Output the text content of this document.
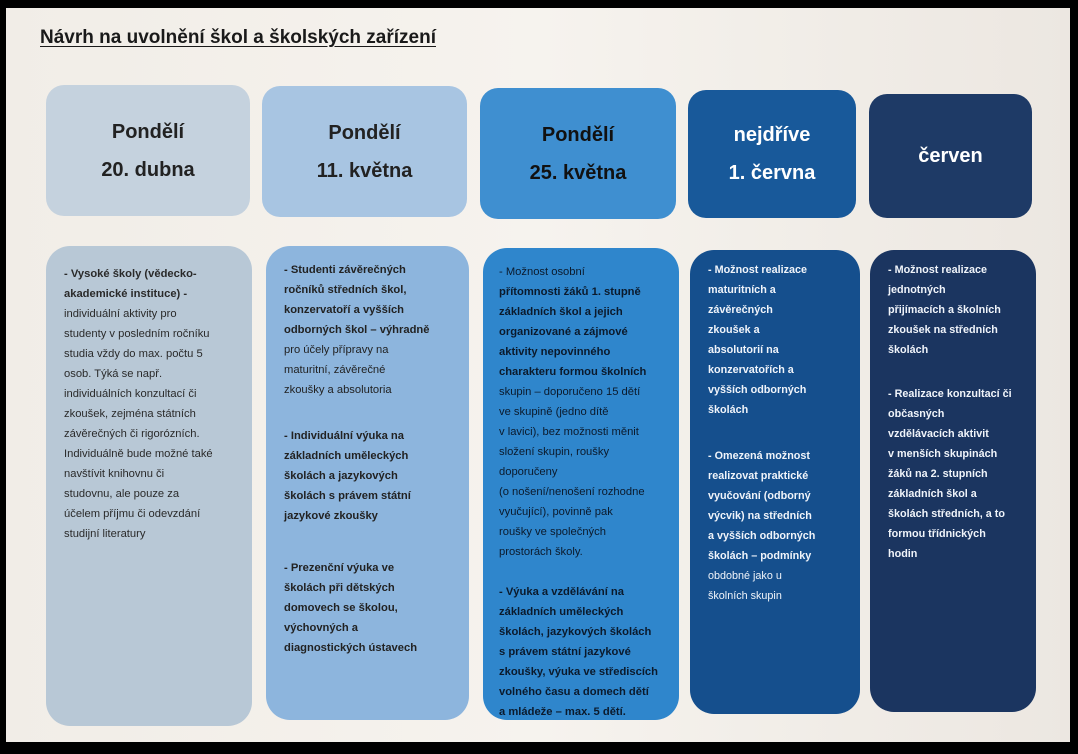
Návrh na uvolnění škol a školských zařízení
Pondělí
20. dubna
Pondělí
11. května
Pondělí
25. května
nejdříve
1. června
červen

- Vysoké školy (vědecko-

akademické instituce) -

individuální aktivity pro

studenty v posledním ročníku

studia vždy do max. počtu 5

osob. Týká se např.

individuálních konzultací či

zkoušek, zejména státních

závěrečných či rigorózních.

Individuálně bude možné také

navštívit knihovnu či

studovnu, ale pouze za

účelem příjmu či odevzdání

studijní literatury

- Studenti závěrečných

ročníků středních škol,

konzervatoří a vyšších

odborných škol – výhradně

pro účely přípravy na

maturitní, závěrečné

zkoušky a absolutoria

- Individuální výuka na

základních uměleckých

školách a jazykových

školách s právem státní

jazykové zkoušky

- Prezenční výuka ve

školách při dětských

domovech se školou,

výchovných a

diagnostických ústavech

- Možnost osobní

přítomnosti žáků 1. stupně

základních škol a jejich

organizované a zájmové

aktivity nepovinného

charakteru formou školních

skupin – doporučeno 15 dětí

ve skupině (jedno dítě

v lavici), bez možnosti měnit

složení skupin, roušky

doporučeny

(o nošení/nenošení rozhodne

vyučující), povinně pak

roušky ve společných

prostorách školy.

- Výuka a vzdělávání na

základních uměleckých

školách, jazykových školách

s právem státní jazykové

zkoušky, výuka ve střediscích

volného času a domech dětí

a mládeže – max. 5 dětí.

- Možnost realizace

maturitních a

závěrečných

zkoušek a

absolutorií na

konzervatořích a

vyšších odborných

školách

- Omezená možnost

realizovat praktické

vyučování (odborný

výcvik) na středních

a vyšších odborných

školách – podmínky

obdobné jako u

školních skupin

- Možnost realizace

jednotných

přijímacích a školních

zkoušek na středních

školách

- Realizace konzultací či

občasných

vzdělávacích aktivit

v menších skupinách

žáků na 2. stupních

základních škol a

školách středních, a to

formou třídnických

hodin
